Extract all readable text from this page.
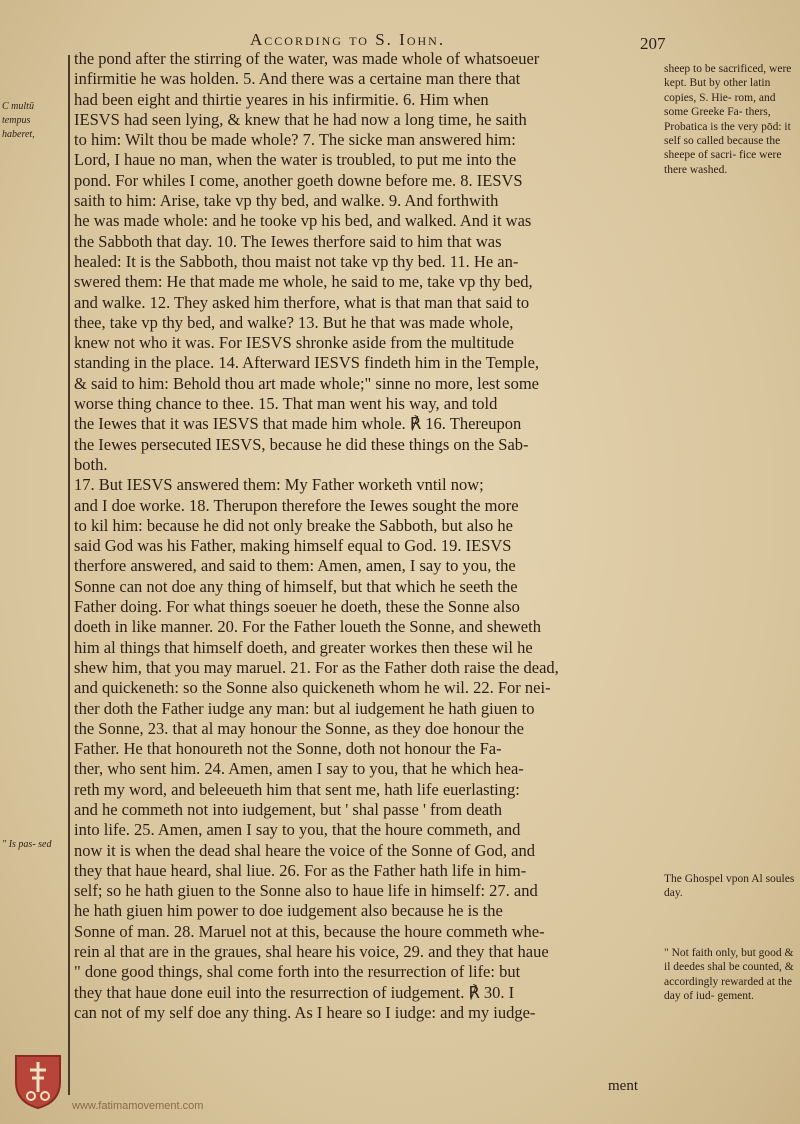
According to S. Iohn.	207
C multū tempus haberet,
" Is pas- sed
the pond after the stirring of the water, was made whole of whatsoeuer
infirmitie he was holden. 5. And there was a certaine man there that
had been eight and thirtie yeares in his infirmitie. 6. Him when
IESVS had seen lying, & knew that he had now a long time, he saith
to him: Wilt thou be made whole? 7. The sicke man answered him:
Lord, I haue no man, when the water is troubled, to put me into the
pond. For whiles I come, another goeth downe before me. 8. IESVS
saith to him: Arise, take vp thy bed, and walke. 9. And forthwith
he was made whole: and he tooke vp his bed, and walked. And it was
the Sabboth that day. 10. The Iewes therfore said to him that was
healed: It is the Sabboth, thou maist not take vp thy bed. 11. He an-
swered them: He that made me whole, he said to me, take vp thy bed,
and walke. 12. They asked him therfore, what is that man that said to
thee, take vp thy bed, and walke? 13. But he that was made whole,
knew not who it was. For IESVS shronke aside from the multitude
standing in the place. 14. Afterward IESVS findeth him in the Temple,
& said to him: Behold thou art made whole;" sinne no more, lest some
worse thing chance to thee. 15. That man went his way, and told
the Iewes that it was IESVS that made him whole. ℟ 16. Thereupon
the Iewes persecuted IESVS, because he did these things on the Sab-
both.
17. But IESVS answered them: My Father worketh vntil now;
and I doe worke. 18. Therupon therefore the Iewes sought the more
to kil him: because he did not only breake the Sabboth, but also he
said God was his Father, making himself equal to God. 19. IESVS
therfore answered, and said to them: Amen, amen, I say to you, the
Sonne can not doe any thing of himself, but that which he seeth the
Father doing. For what things soeuer he doeth, these the Sonne also
doeth in like manner. 20. For the Father loueth the Sonne, and sheweth
him al things that himself doeth, and greater workes then these wil he
shew him, that you may maruel. 21. For as the Father doth raise the dead,
and quickeneth: so the Sonne also quickeneth whom he wil. 22. For nei-
ther doth the Father iudge any man: but al iudgement he hath giuen to
the Sonne, 23. that al may honour the Sonne, as they doe honour the
Father. He that honoureth not the Sonne, doth not honour the Fa-
ther, who sent him. 24. Amen, amen I say to you, that he which hea-
reth my word, and beleeueth him that sent me, hath life euerlasting:
and he commeth not into iudgement, but ' shal passe ' from death
into life. 25. Amen, amen I say to you, that the houre commeth, and
now it is when the dead shal heare the voice of the Sonne of God, and
they that haue heard, shal liue. 26. For as the Father hath life in him-
self; so he hath giuen to the Sonne also to haue life in himself: 27. and
he hath giuen him power to doe iudgement also because he is the
Sonne of man. 28. Maruel not at this, because the houre commeth whe-
rein al that are in the graues, shal heare his voice, 29. and they that haue
" done good things, shal come forth into the resurrection of life: but
they that haue done euil into the resurrection of iudgement. ℟ 30. I
can not of my self doe any thing. As I heare so I iudge: and my iudge-
sheep to be sacrificed, were kept. But by other latin copies, S. Hie- rom, and some Greeke Fa- thers, Probatica is the very pōd: it self so called because the sheepe of sacri- fice were there washed.
The Ghospel vpon Al soules day.
" Not faith only, but good & il deedes shal be counted, & accordingly rewarded at the day of iud- gement.
ment
www.fatimamovement.com
